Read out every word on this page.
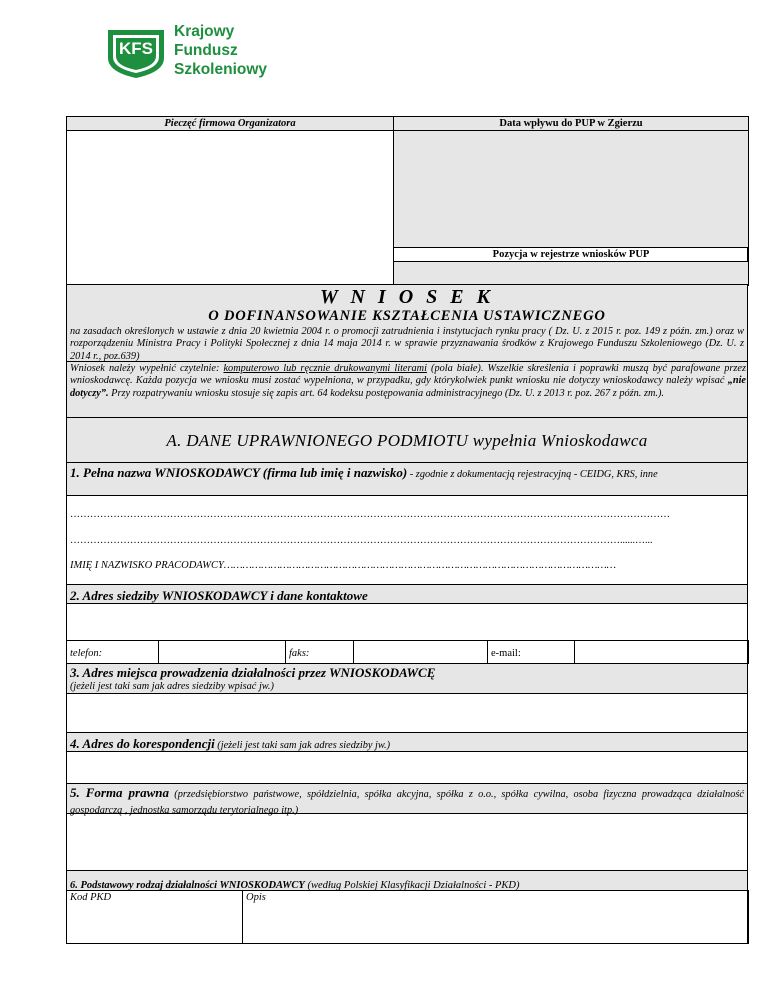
KFS
Krajowy
Fundusz
Szkoleniowy
Pieczęć firmowa Organizatora	Data wpływu do PUP w Zgierzu
Pozycja w rejestrze wniosków PUP
W N I O S E K
O DOFINANSOWANIE KSZTAŁCENIA USTAWICZNEGO
na zasadach określonych w ustawie z dnia 20 kwietnia 2004 r. o promocji zatrudnienia i instytucjach rynku pracy ( Dz. U. z 2015 r. poz. 149 z późn. zm.) oraz w rozporządzeniu Ministra Pracy i Polityki Społecznej z dnia 14 maja 2014 r. w sprawie przyznawania środków z Krajowego Funduszu Szkoleniowego (Dz. U. z 2014 r., poz.639)
Wniosek należy wypełnić czytelnie: komputerowo lub ręcznie drukowanymi literami (pola białe). Wszelkie skreślenia i poprawki muszą być parafowane przez wnioskodawcę. Każda pozycja we wniosku musi zostać wypełniona, w przypadku, gdy którykolwiek punkt wniosku nie dotyczy wnioskodawcy należy wpisać „nie dotyczy”. Przy rozpatrywaniu wniosku stosuje się zapis art. 64 kodeksu postępowania administracyjnego (Dz. U. z 2013 r. poz. 267 z późn. zm.).
A. DANE UPRAWNIONEGO PODMIOTU wypełnia Wnioskodawca
1. Pełna nazwa WNIOSKODAWCY (firma lub imię i nazwisko) - zgodnie z dokumentacją rejestracyjną - CEIDG, KRS, inne
………………………………………………………………………………………………………………………………………………………………
…………………………………………………………………………………………………………………………………………………......…...
IMIĘ I NAZWISKO PRACODAWCY………………………………………………………………………………………………………………
2. Adres siedziby WNIOSKODAWCY i dane kontaktowe
telefon:	faks:	e-mail:
3. Adres miejsca prowadzenia działalności przez WNIOSKODAWCĘ
(jeżeli jest taki sam jak adres siedziby wpisać jw.)
4. Adres do korespondencji (jeżeli jest taki sam jak adres siedziby jw.)
5. Forma prawna (przedsiębiorstwo państwowe, spółdzielnia, spółka akcyjna, spółka z o.o., spółka cywilna, osoba fizyczna prowadząca działalność gospodarczą , jednostka samorządu terytorialnego itp.)
6. Podstawowy rodzaj działalności WNIOSKODAWCY (według Polskiej Klasyfikacji Działalności - PKD)
Kod PKD	Opis
